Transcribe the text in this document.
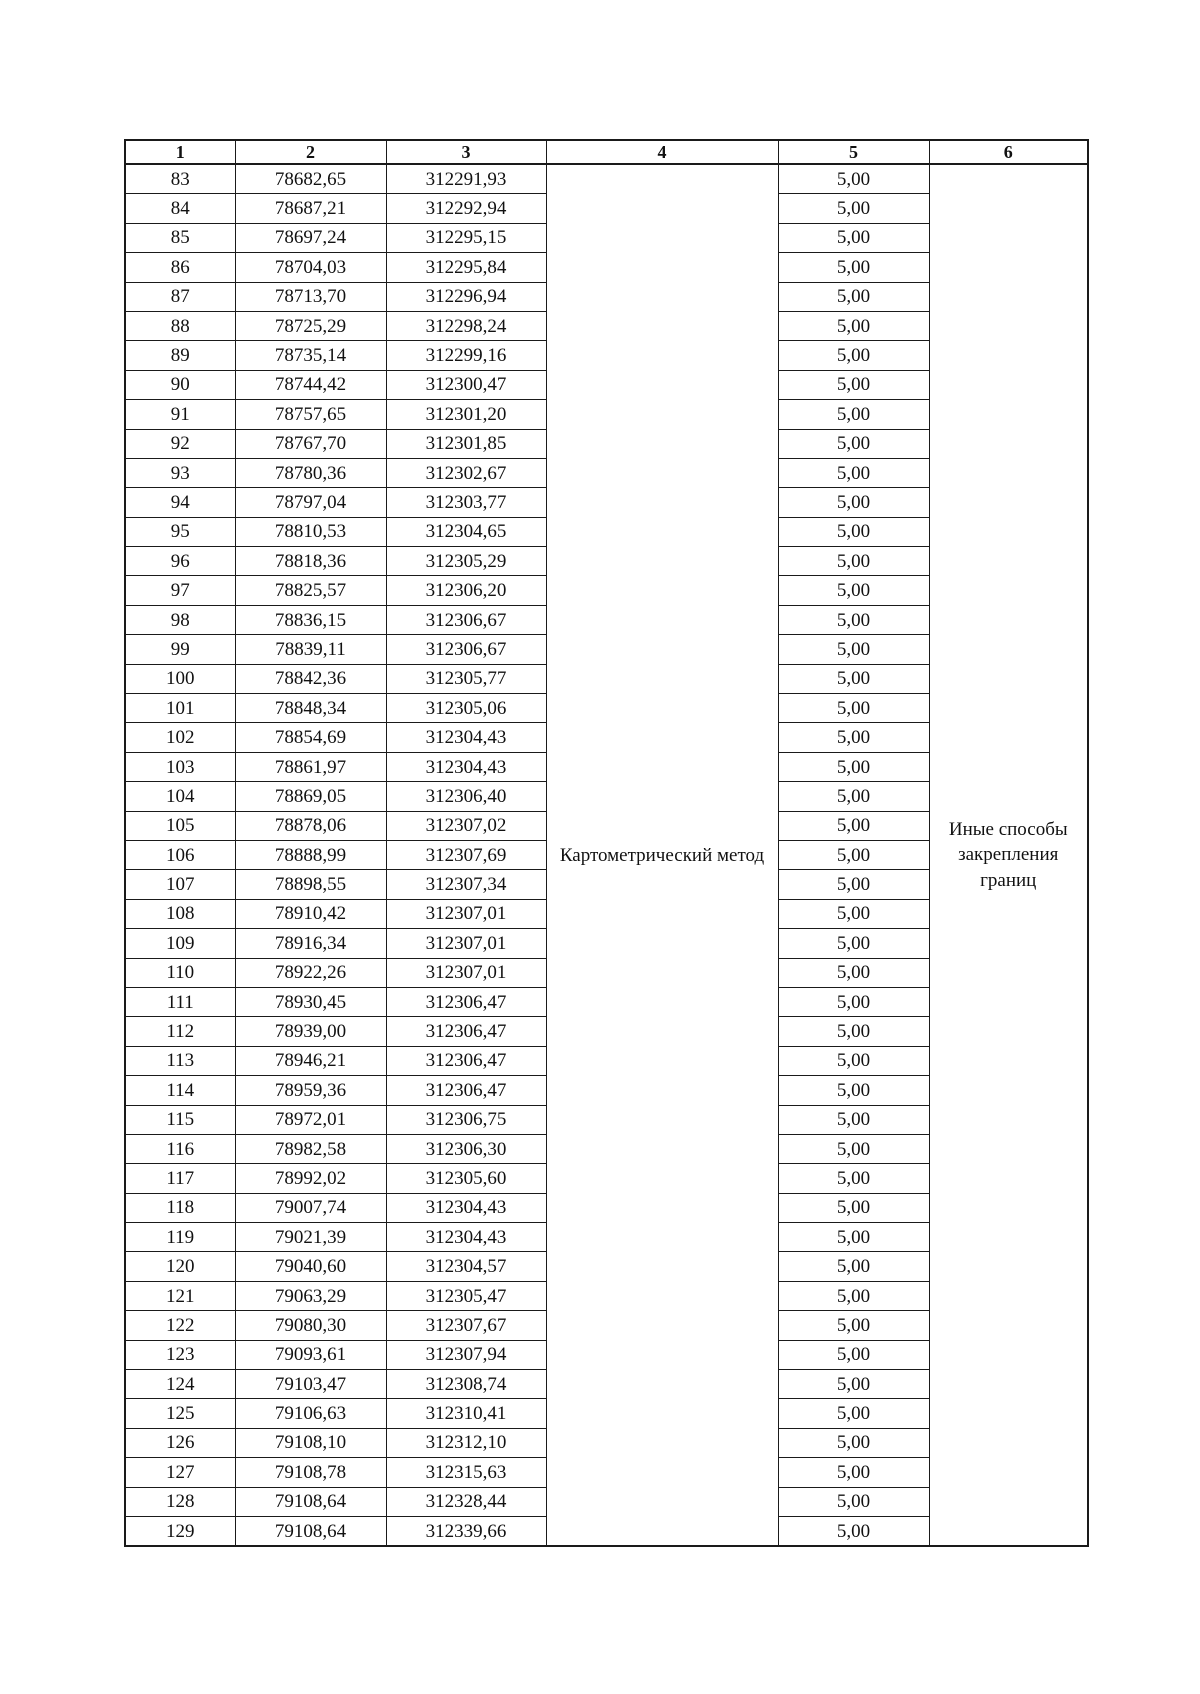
1	2	3	4	5	6
83	78682,65	312291,93	Картометрический метод	5,00	Иные способы закрепления границ
84	78687,21	312292,94		5,00	
85	78697,24	312295,15		5,00	
86	78704,03	312295,84		5,00	
87	78713,70	312296,94		5,00	
88	78725,29	312298,24		5,00	
89	78735,14	312299,16		5,00	
90	78744,42	312300,47		5,00	
91	78757,65	312301,20		5,00	
92	78767,70	312301,85		5,00	
93	78780,36	312302,67		5,00	
94	78797,04	312303,77		5,00	
95	78810,53	312304,65		5,00	
96	78818,36	312305,29		5,00	
97	78825,57	312306,20		5,00	
98	78836,15	312306,67		5,00	
99	78839,11	312306,67		5,00	
100	78842,36	312305,77		5,00	
101	78848,34	312305,06		5,00	
102	78854,69	312304,43		5,00	
103	78861,97	312304,43		5,00	
104	78869,05	312306,40		5,00	
105	78878,06	312307,02		5,00	
106	78888,99	312307,69		5,00	
107	78898,55	312307,34		5,00	
108	78910,42	312307,01		5,00	
109	78916,34	312307,01		5,00	
110	78922,26	312307,01		5,00	
111	78930,45	312306,47		5,00	
112	78939,00	312306,47		5,00	
113	78946,21	312306,47		5,00	
114	78959,36	312306,47		5,00	
115	78972,01	312306,75		5,00	
116	78982,58	312306,30		5,00	
117	78992,02	312305,60		5,00	
118	79007,74	312304,43		5,00	
119	79021,39	312304,43		5,00	
120	79040,60	312304,57		5,00	
121	79063,29	312305,47		5,00	
122	79080,30	312307,67		5,00	
123	79093,61	312307,94		5,00	
124	79103,47	312308,74		5,00	
125	79106,63	312310,41		5,00	
126	79108,10	312312,10		5,00	
127	79108,78	312315,63		5,00	
128	79108,64	312328,44		5,00	
129	79108,64	312339,66		5,00	
